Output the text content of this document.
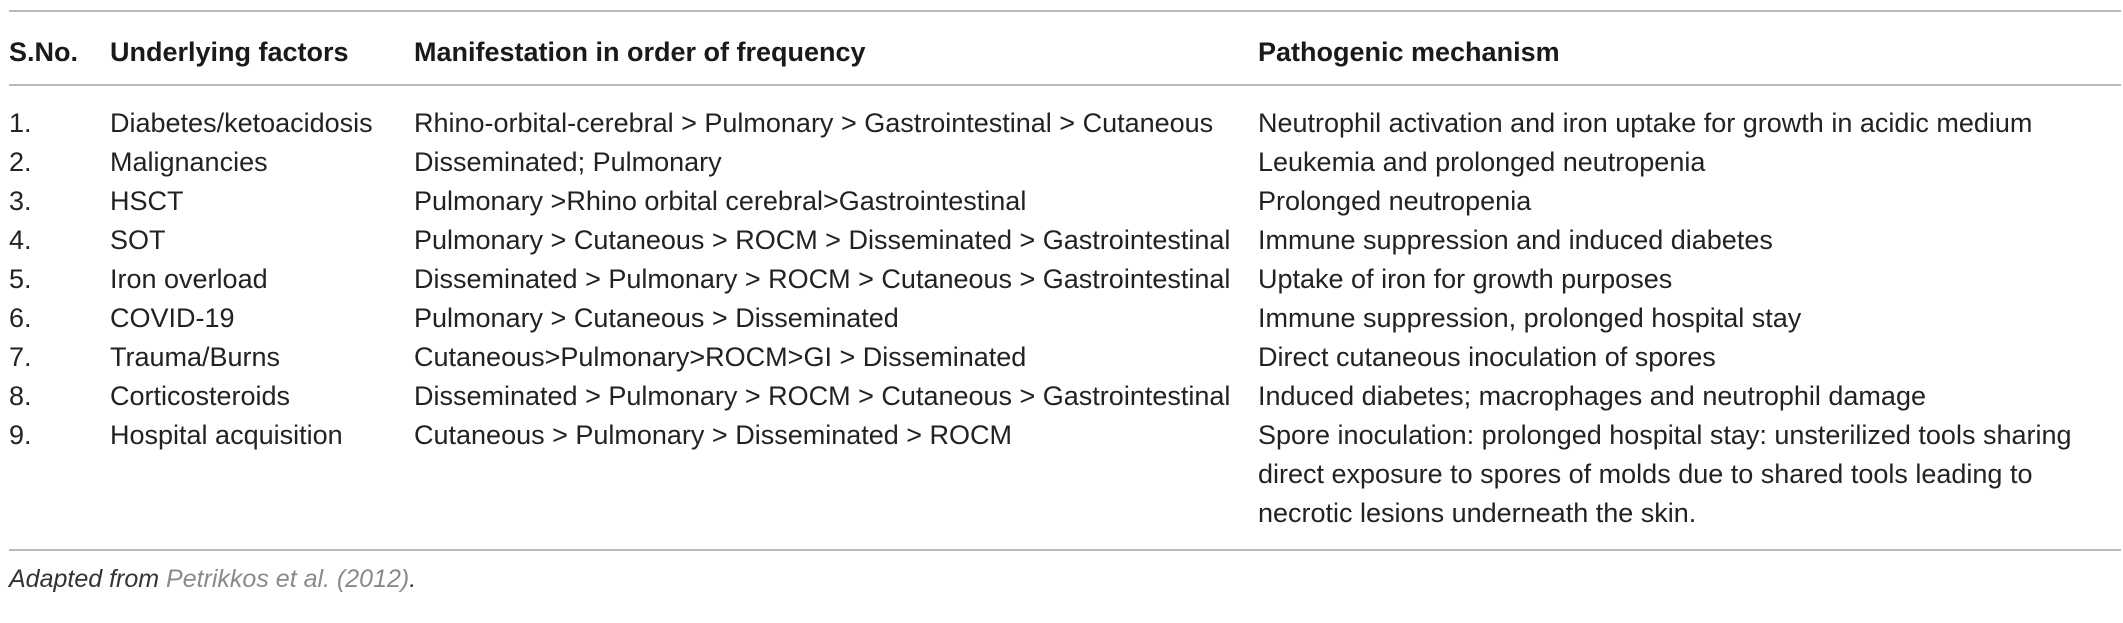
S.No.	Underlying factors	Manifestation in order of frequency	Pathogenic mechanism

1.	Diabetes/ketoacidosis	Rhino-orbital-cerebral > Pulmonary > Gastrointestinal > Cutaneous	Neutrophil activation and iron uptake for growth in acidic medium
2.	Malignancies	Disseminated; Pulmonary	Leukemia and prolonged neutropenia
3.	HSCT	Pulmonary >Rhino orbital cerebral>Gastrointestinal	Prolonged neutropenia
4.	SOT	Pulmonary > Cutaneous > ROCM > Disseminated > Gastrointestinal	Immune suppression and induced diabetes
5.	Iron overload	Disseminated > Pulmonary > ROCM > Cutaneous > Gastrointestinal	Uptake of iron for growth purposes
6.	COVID-19	Pulmonary > Cutaneous > Disseminated	Immune suppression, prolonged hospital stay
7.	Trauma/Burns	Cutaneous>Pulmonary>ROCM>GI > Disseminated	Direct cutaneous inoculation of spores
8.	Corticosteroids	Disseminated > Pulmonary > ROCM > Cutaneous > Gastrointestinal	Induced diabetes; macrophages and neutrophil damage
9.	Hospital acquisition	Cutaneous > Pulmonary > Disseminated > ROCM	Spore inoculation: prolonged hospital stay: unsterilized tools sharing direct exposure to spores of molds due to shared tools leading to necrotic lesions underneath the skin.
Adapted from Petrikkos et al. (2012).
